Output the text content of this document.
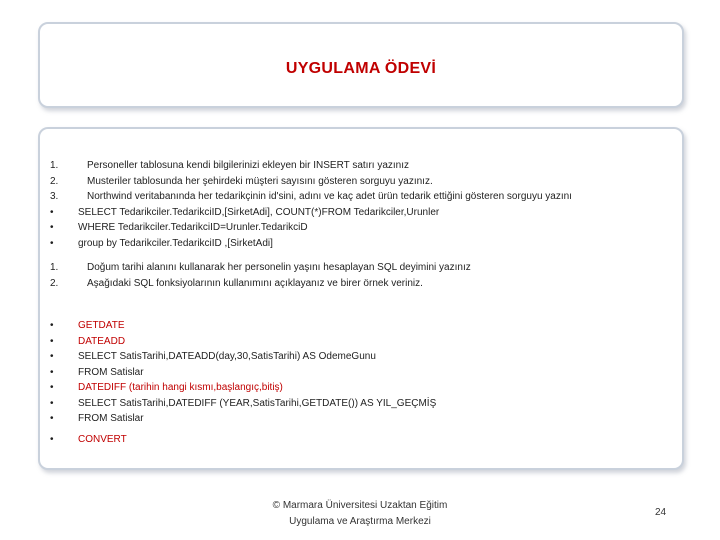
UYGULAMA ÖDEVİ
1.	Personeller tablosuna kendi bilgilerinizi ekleyen bir INSERT satırı yazınız
2.	Musteriler tablosunda her şehirdeki müşteri sayısını gösteren sorguyu yazınız.
3.	Northwind veritabanında her tedarikçinin id'sini, adını ve kaç adet ürün tedarik ettiğini gösteren sorguyu yazını
• SELECT Tedarikciler.TedarikciID,[SirketAdi], COUNT(*)FROM Tedarikciler,Urunler
• WHERE Tedarikciler.TedarikciID=Urunler.TedarikciD
• group by Tedarikciler.TedarikciID ,[SirketAdi]
1.	Doğum tarihi alanını kullanarak her personelin yaşını hesaplayan SQL deyimini yazınız
2.	Aşağıdaki SQL fonksiyolarının kullanımını açıklayanız ve birer örnek veriniz.
• GETDATE
• DATEADD
• SELECT SatisTarihi,DATEADD(day,30,SatisTarihi) AS OdemeGunu
• FROM Satislar
• DATEDIFF (tarihin hangi kısmı,başlangıç,bitiş)
• SELECT SatisTarihi,DATEDIFF (YEAR,SatisTarihi,GETDATE()) AS YIL_GEÇMİŞ
• FROM Satislar
• CONVERT
© Marmara Üniversitesi Uzaktan Eğitim
Uygulama ve Araştırma Merkezi
24
